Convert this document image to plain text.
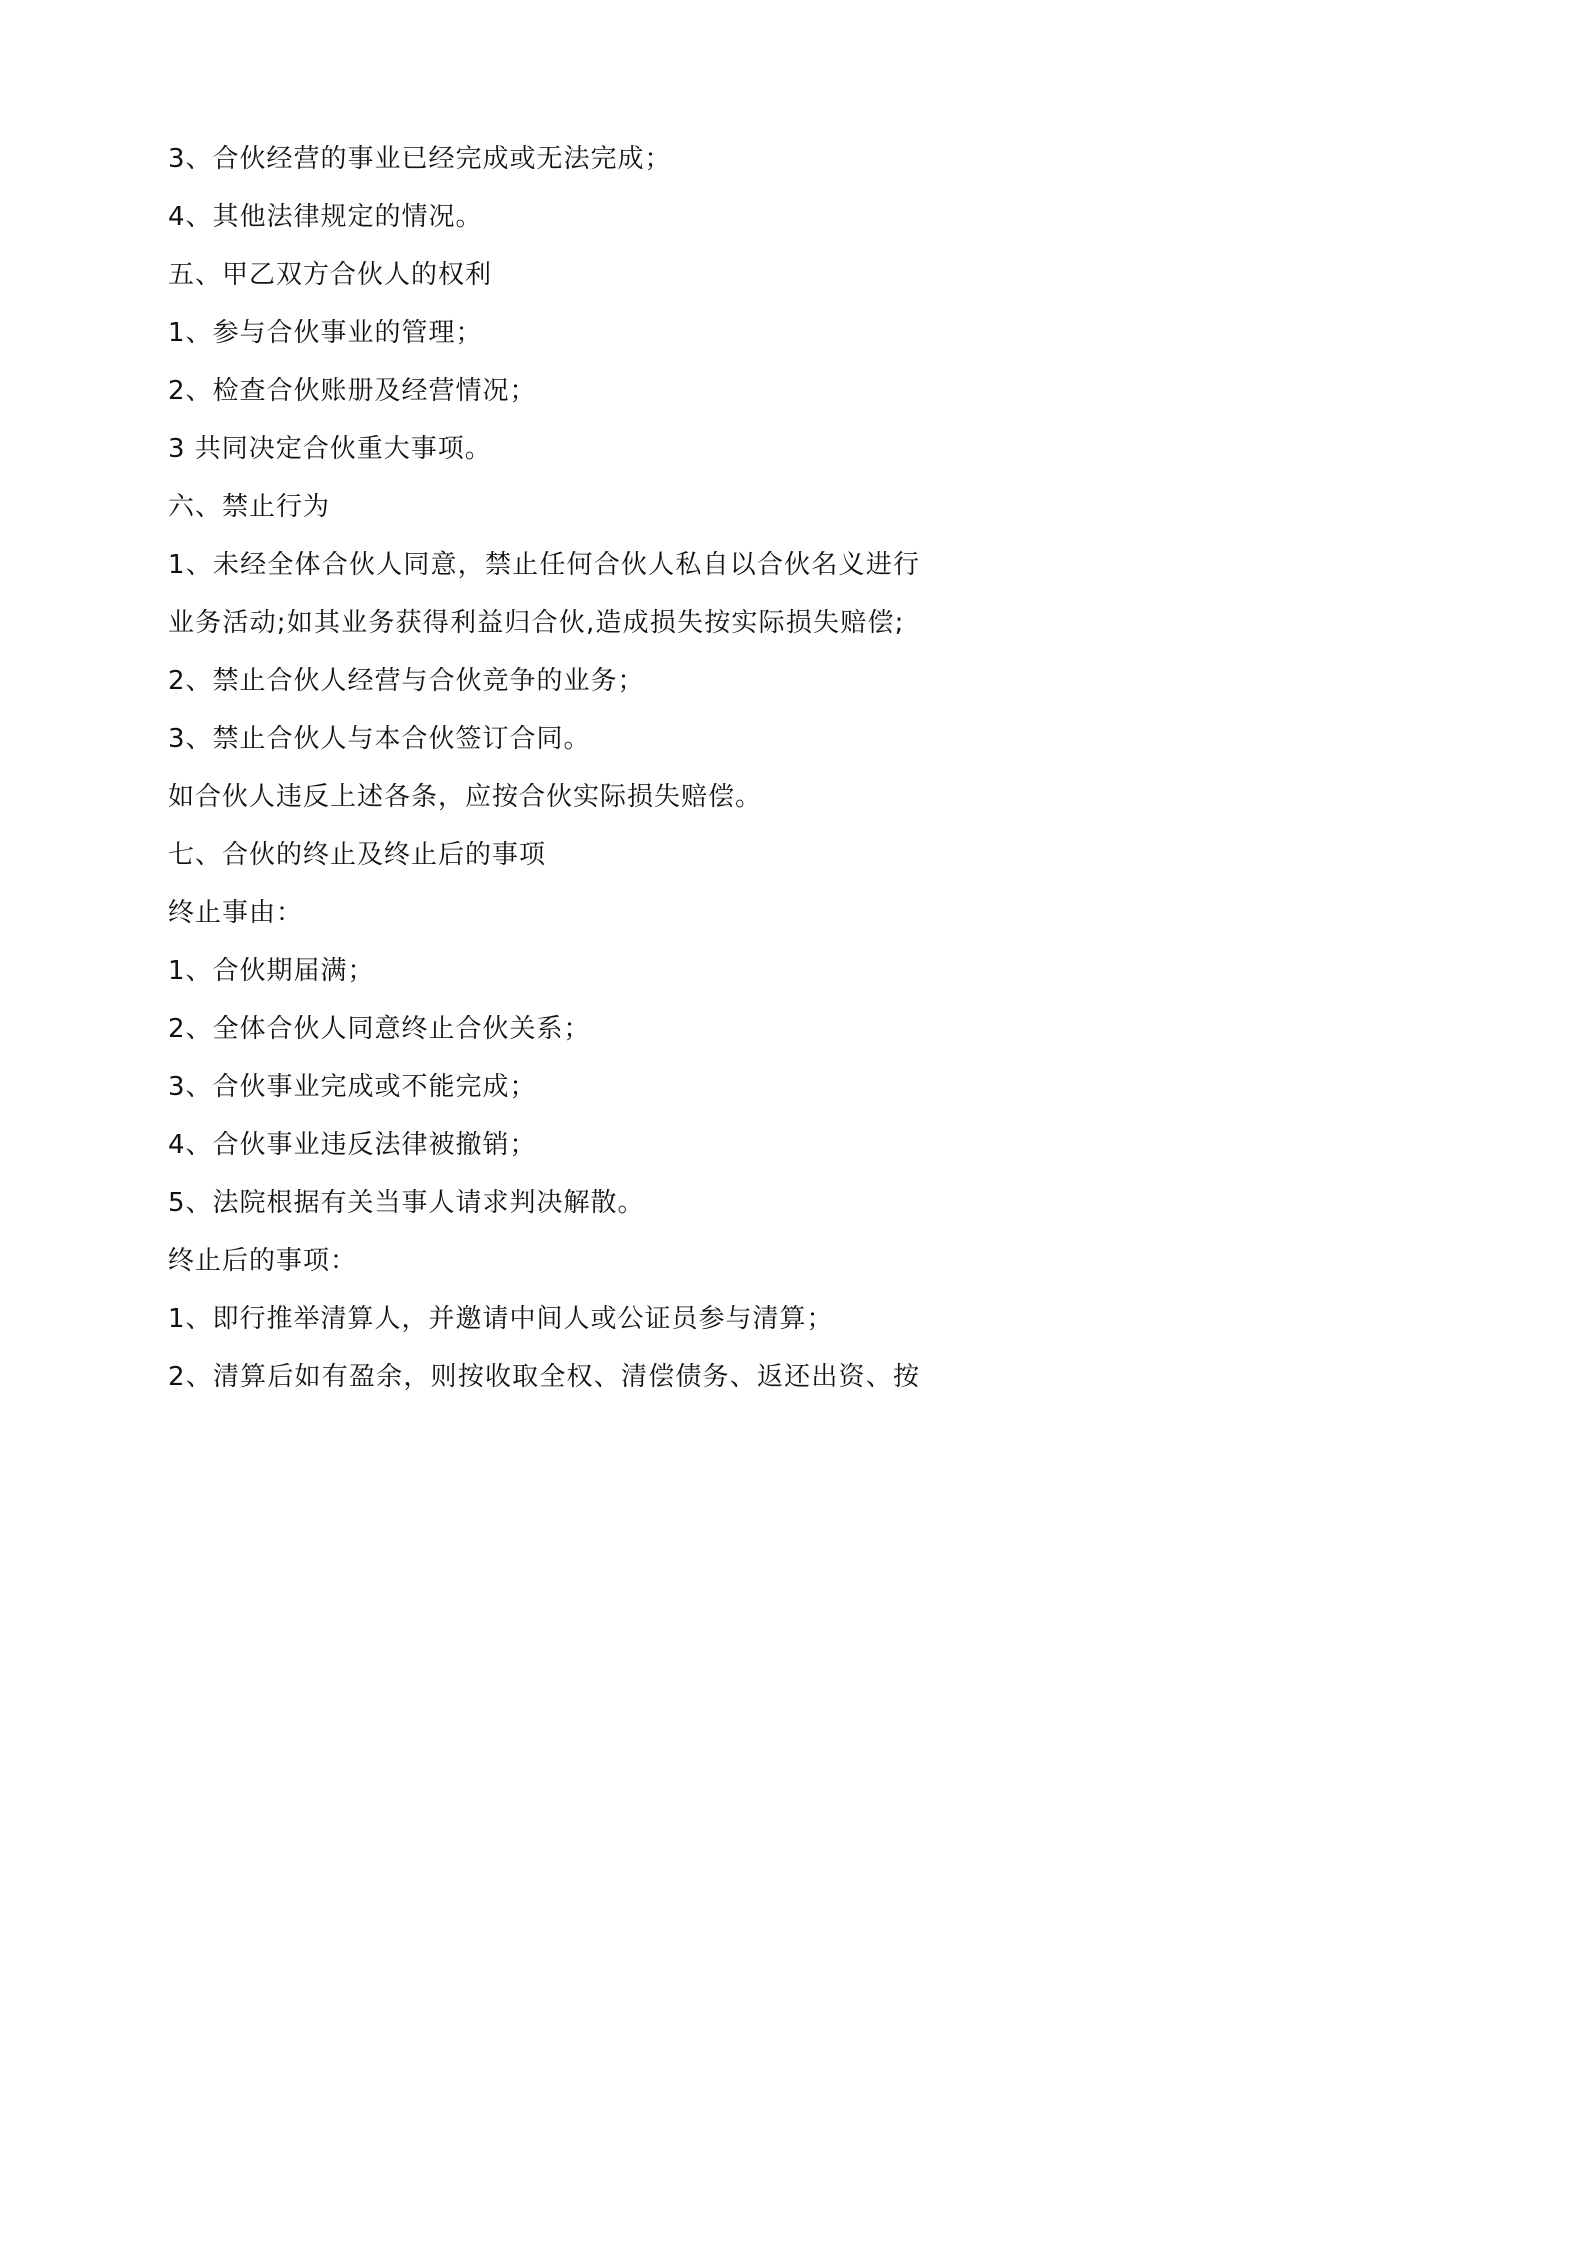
3、合伙经营的事业已经完成或无法完成；
4、其他法律规定的情况。
五、甲乙双方合伙人的权利
1、参与合伙事业的管理；
2、检查合伙账册及经营情况；
3 共同决定合伙重大事项。
六、禁止行为
1、未经全体合伙人同意，禁止任何合伙人私自以合伙名义进行
业务活动;如其业务获得利益归合伙,造成损失按实际损失赔偿;
2、禁止合伙人经营与合伙竞争的业务；
3、禁止合伙人与本合伙签订合同。
如合伙人违反上述各条，应按合伙实际损失赔偿。
七、合伙的终止及终止后的事项
终止事由：
1、合伙期届满；
2、全体合伙人同意终止合伙关系；
3、合伙事业完成或不能完成；
4、合伙事业违反法律被撤销；
5、法院根据有关当事人请求判决解散。
终止后的事项：
1、即行推举清算人，并邀请中间人或公证员参与清算；
2、清算后如有盈余，则按收取全权、清偿债务、返还出资、按
